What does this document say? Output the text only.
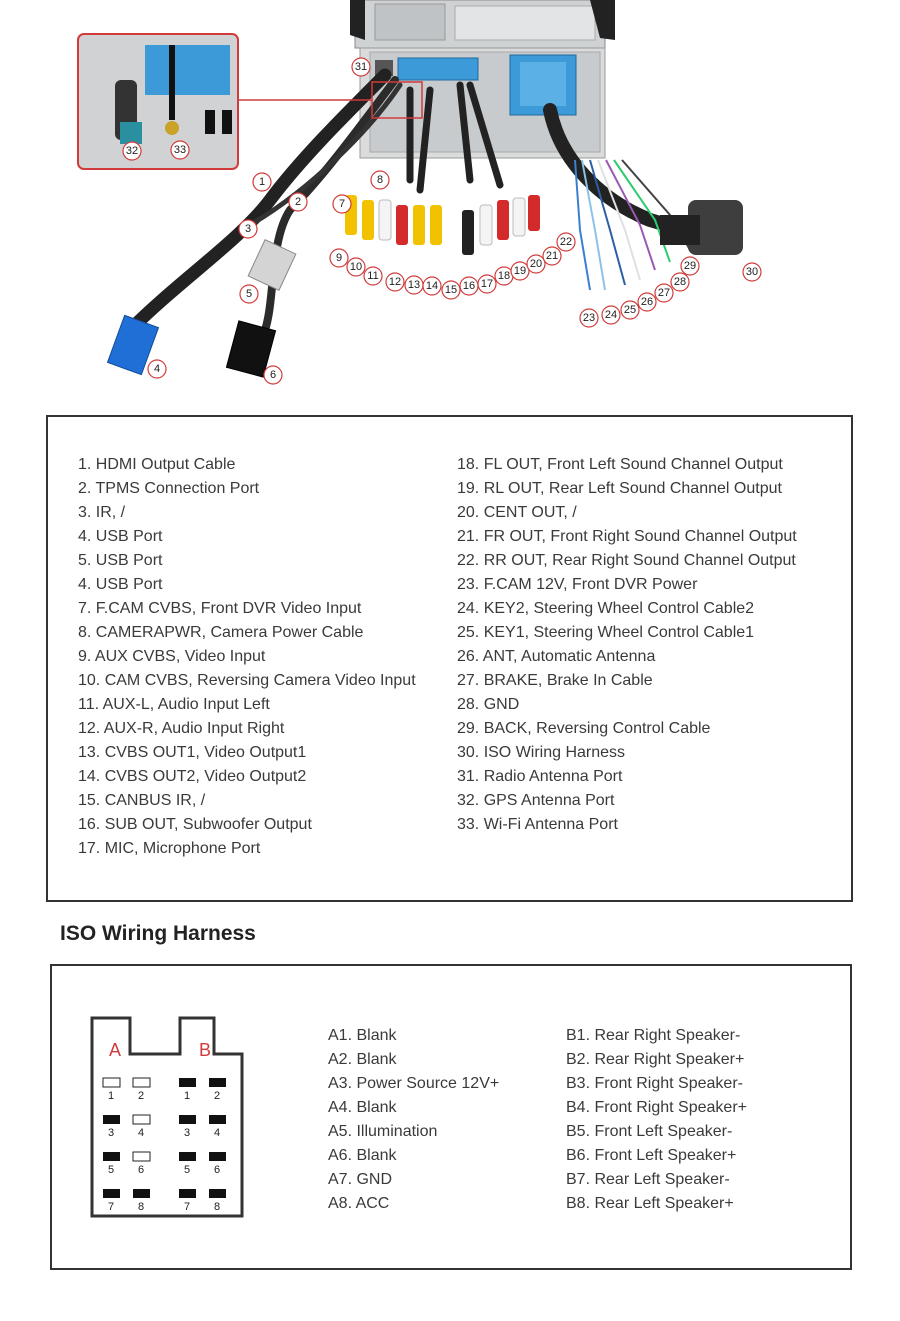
1
2
3
4
5
6
7
8
9
10
11 12 13 14 15 16 17
18 19
20
21
22
23 24 25
26
27
28
29	30
31
32	33
1. HDMI Output Cable
2. TPMS Connection Port
3. IR, /
4. USB Port
5. USB Port
4. USB Port
7. F.CAM CVBS, Front DVR Video Input
8. CAMERAPWR, Camera Power Cable
9. AUX CVBS, Video Input
10. CAM CVBS, Reversing Camera Video Input
11. AUX-L, Audio Input Left
12. AUX-R, Audio Input Right
13. CVBS OUT1, Video Output1
14. CVBS OUT2, Video Output2
15. CANBUS IR, /
16. SUB OUT, Subwoofer Output
17. MIC, Microphone Port
18. FL OUT, Front Left Sound Channel Output
19. RL OUT, Rear Left Sound Channel Output
20. CENT OUT, /
21. FR OUT, Front Right Sound Channel Output
22. RR OUT, Rear Right Sound Channel Output
23. F.CAM 12V, Front DVR Power
24. KEY2, Steering Wheel Control Cable2
25. KEY1, Steering Wheel Control Cable1
26. ANT, Automatic Antenna
27. BRAKE, Brake In Cable
28. GND
29. BACK, Reversing Control Cable
30. ISO Wiring Harness
31. Radio Antenna Port
32. GPS Antenna Port
33. Wi-Fi Antenna Port
ISO Wiring Harness
A	B
1 2
3 4
5 6
7 8
1 2
3 4
5 6
7 8
A1. Blank
A2. Blank
A3. Power Source 12V+
A4. Blank
A5. Illumination
A6. Blank
A7. GND
A8. ACC
B1. Rear Right Speaker-
B2. Rear Right Speaker+
B3. Front Right Speaker-
B4. Front Right Speaker+
B5. Front Left Speaker-
B6. Front Left Speaker+
B7. Rear Left Speaker-
B8. Rear Left Speaker+
